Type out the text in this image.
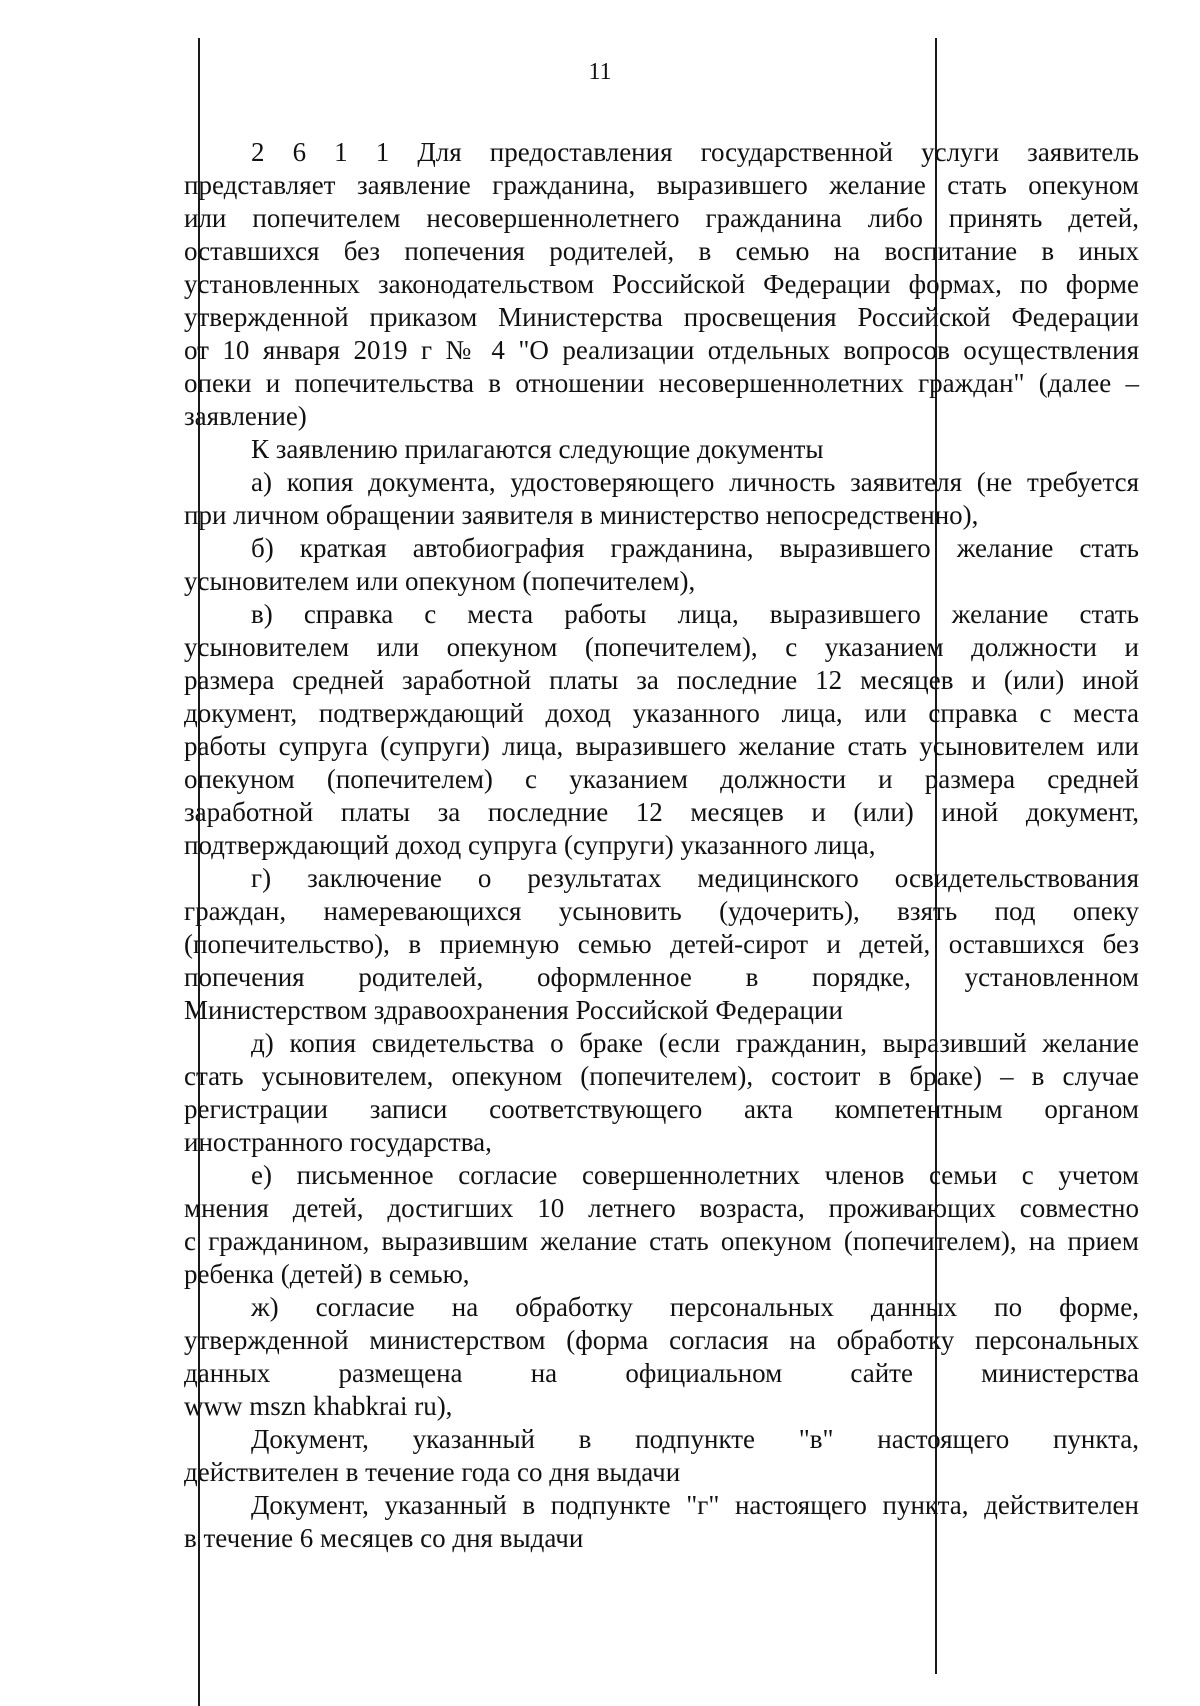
11
2 6 1 1 Для предоставления государственной услуги заявитель
представляет заявление гражданина, выразившего желание стать опекуном
или попечителем несовершеннолетнего гражданина либо принять детей,
оставшихся без попечения родителей, в семью на воспитание в иных
установленных законодательством Российской Федерации формах, по форме
утвержденной приказом Министерства просвещения Российской Федерации
от 10 января 2019 г № 4 "О реализации отдельных вопросов осуществления
опеки и попечительства в отношении несовершеннолетних граждан" (далее –
заявление)
К заявлению прилагаются следующие документы
а) копия документа, удостоверяющего личность заявителя (не требуется
при личном обращении заявителя в министерство непосредственно),
б) краткая автобиография гражданина, выразившего желание стать
усыновителем или опекуном (попечителем),
в) справка с места работы лица, выразившего желание стать
усыновителем или опекуном (попечителем), с указанием должности и
размера средней заработной платы за последние 12 месяцев и (или) иной
документ, подтверждающий доход указанного лица, или справка с места
работы супруга (супруги) лица, выразившего желание стать усыновителем или
опекуном (попечителем) с указанием должности и размера средней
заработной платы за последние 12 месяцев и (или) иной документ,
подтверждающий доход супруга (супруги) указанного лица,
г) заключение о результатах медицинского освидетельствования
граждан, намеревающихся усыновить (удочерить), взять под опеку
(попечительство), в приемную семью детей-сирот и детей, оставшихся без
попечения родителей, оформленное в порядке, установленном
Министерством здравоохранения Российской Федерации
д) копия свидетельства о браке (если гражданин, выразивший желание
стать усыновителем, опекуном (попечителем), состоит в браке) – в случае
регистрации записи соответствующего акта компетентным органом
иностранного государства,
е) письменное согласие совершеннолетних членов семьи с учетом
мнения детей, достигших 10 летнего возраста, проживающих совместно
с гражданином, выразившим желание стать опекуном (попечителем), на прием
ребенка (детей) в семью,
ж) согласие на обработку персональных данных по форме,
утвержденной министерством (форма согласия на обработку персональных
данных размещена на официальном сайте министерства
www mszn khabkrai ru),
Документ, указанный в подпункте "в" настоящего пункта,
действителен в течение года со дня выдачи
Документ, указанный в подпункте "г" настоящего пункта, действителен
в течение 6 месяцев со дня выдачи
